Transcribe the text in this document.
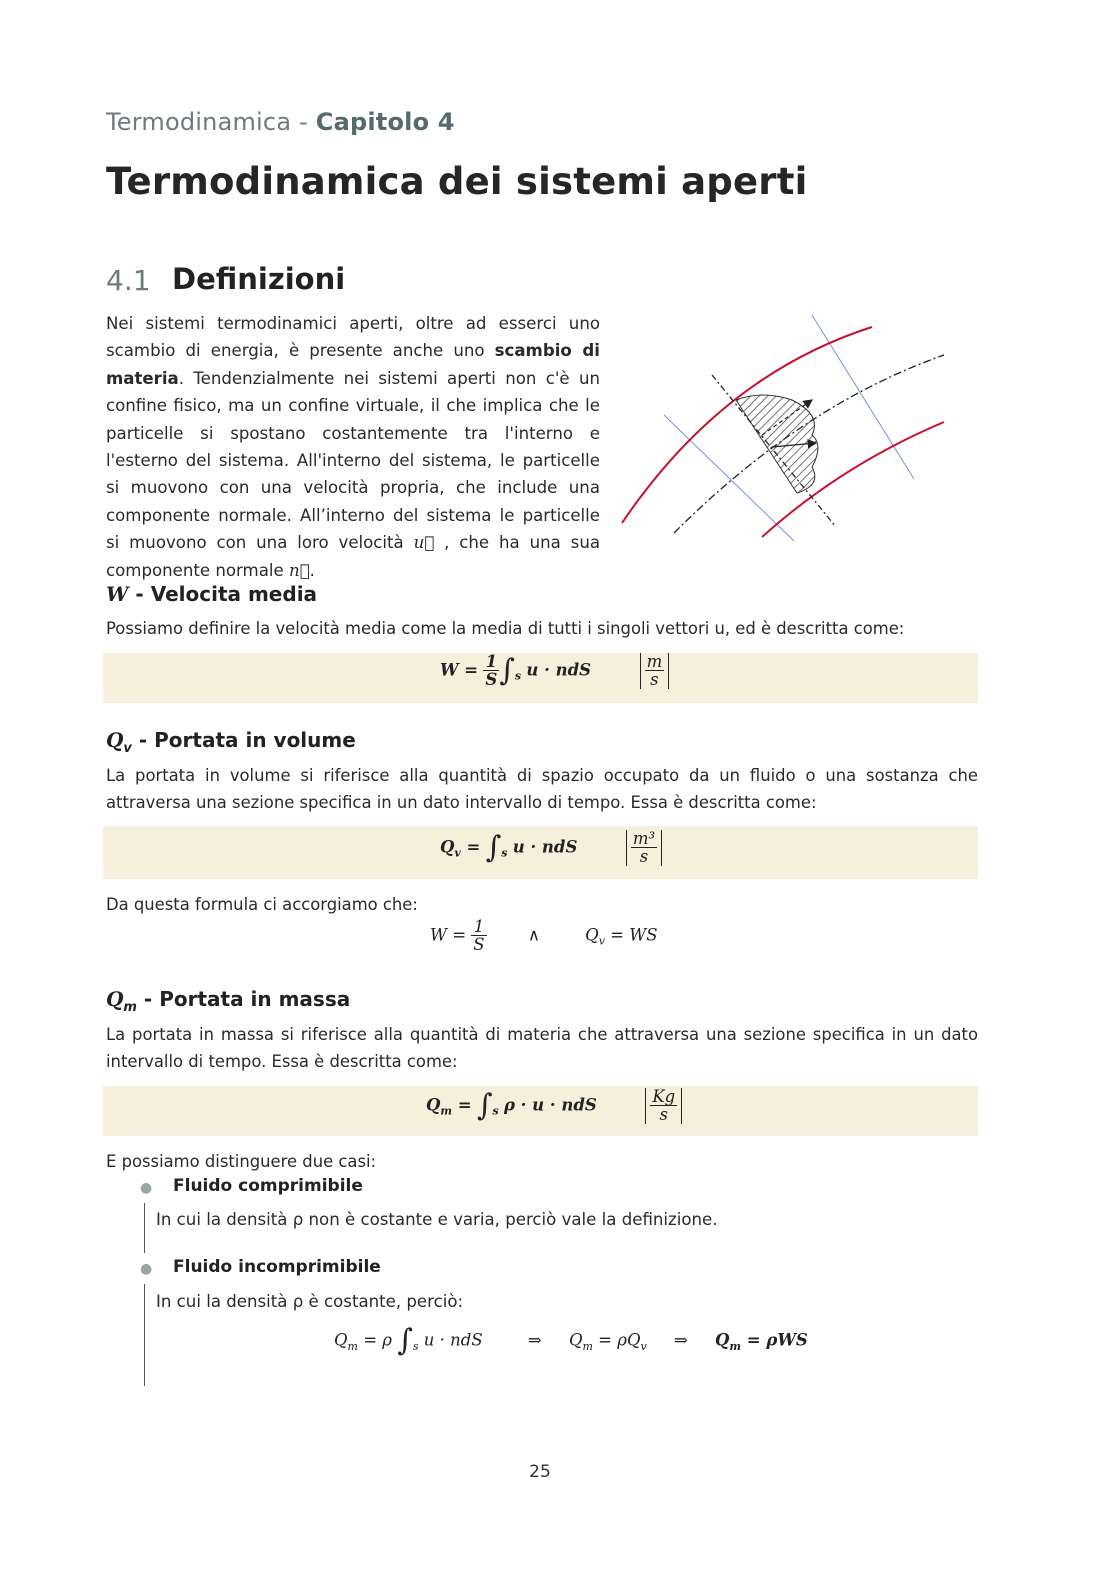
Termodinamica - Capitolo 4
Termodinamica dei sistemi aperti
4.1 Definizioni
Nei sistemi termodinamici aperti, oltre ad esserci uno scambio di energia, è presente anche uno scambio di materia. Tendenzialmente nei sistemi aperti non c'è un confine fisico, ma un confine virtuale, il che implica che le particelle si spostano costantemente tra l'interno e l'esterno del sistema. All'interno del sistema, le particelle si muovono con una velocità propria, che include una componente normale. All’interno del sistema le particelle si muovono con una loro velocità u , che ha una sua componente normale n.
W - Velocita media
Possiamo definire la velocità media come la media di tutti i singoli vettori u, ed è descritta come:
$W = \frac{1}{S} \int_s$ u · ndS	$\frac{m}{s}$
$Q_v$ - Portata in volume
La portata in volume si riferisce alla quantità di spazio occupato da un fluido o una sostanza che attraversa una sezione specifica in un dato intervallo di tempo. Essa è descritta come:
$Q_v = \int_s$ u · ndS	$\frac{\text{m³}}{s}$
Da questa formula ci accorgiamo che:
$W = \frac{1}{S}$	∧	$Q_v$ = WS
$Q_m$ - Portata in massa
La portata in massa si riferisce alla quantità di materia che attraversa una sezione specifica in un dato intervallo di tempo. Essa è descritta come:
$Q_m = \int_s$ ρ · u · ndS	$\frac{Kg}{s}$
E possiamo distinguere due casi:
● Fluido comprimibile
In cui la densità ρ non è costante e varia, perciò vale la definizione.
● Fluido incomprimibile
In cui la densità ρ è costante, perciò:
$Q_m = \rho$ $\int_s$ u · ndS	⇒ $Q_m = \rho Q_v$ ⇒ $Q_m = \rho WS$
25
